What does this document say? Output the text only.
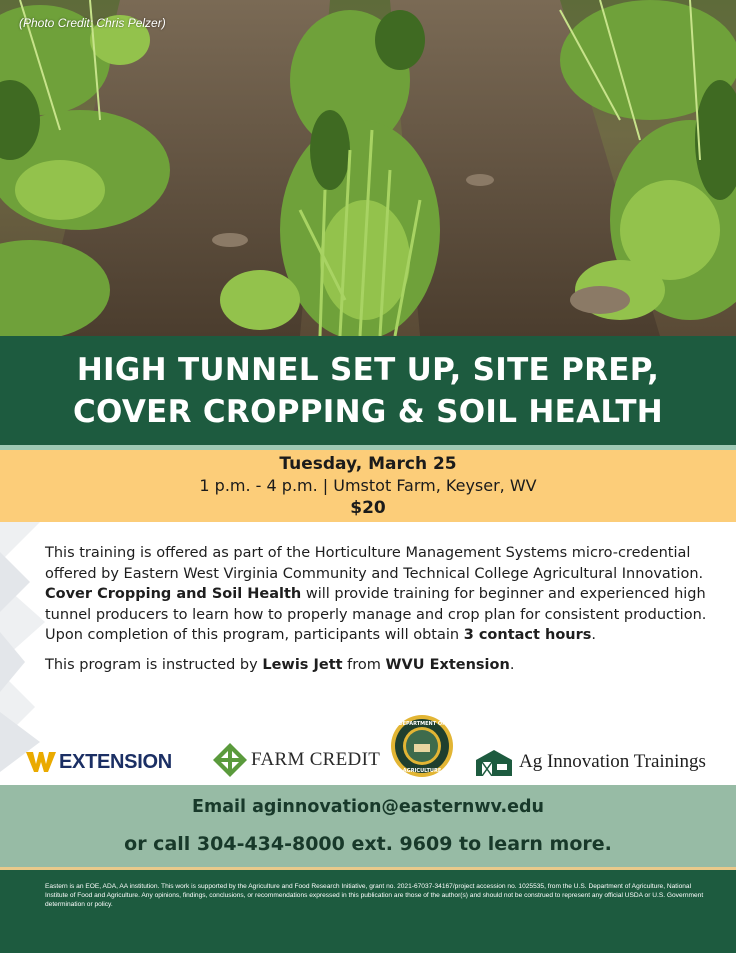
(Photo Credit: Chris Pelzer)
HIGH TUNNEL SET UP, SITE PREP,
COVER CROPPING & SOIL HEALTH
Tuesday, March 25
1 p.m. - 4 p.m. | Umstot Farm, Keyser, WV
$20

This training is offered as part of the Horticulture Management Systems micro-credential offered by Eastern West Virginia Community and Technical College Agricultural Innovation. Cover Cropping and Soil Health will provide training for beginner and experienced high tunnel producers to learn how to properly manage and crop plan for consistent production. Upon completion of this program, participants will obtain 3 contact hours.

This program is instructed by Lewis Jett from WVU Extension.

EXTENSION	FARM CREDIT
DEPARTMENT OF
AGRICULTURE	Ag Innovation Trainings
Email aginnovation@easternwv.edu
or call 304-434-8000 ext. 9609 to learn more.
Eastern is an EOE, ADA, AA institution. This work is supported by the Agriculture and Food Research Initiative, grant no. 2021-67037-34167/project accession no. 1025535, from the U.S. Department of Agriculture, National Institute of Food and Agriculture. Any opinions, findings, conclusions, or recommendations expressed in this publication are those of the author(s) and should not be construed to represent any official USDA or U.S. Government determination or policy.
